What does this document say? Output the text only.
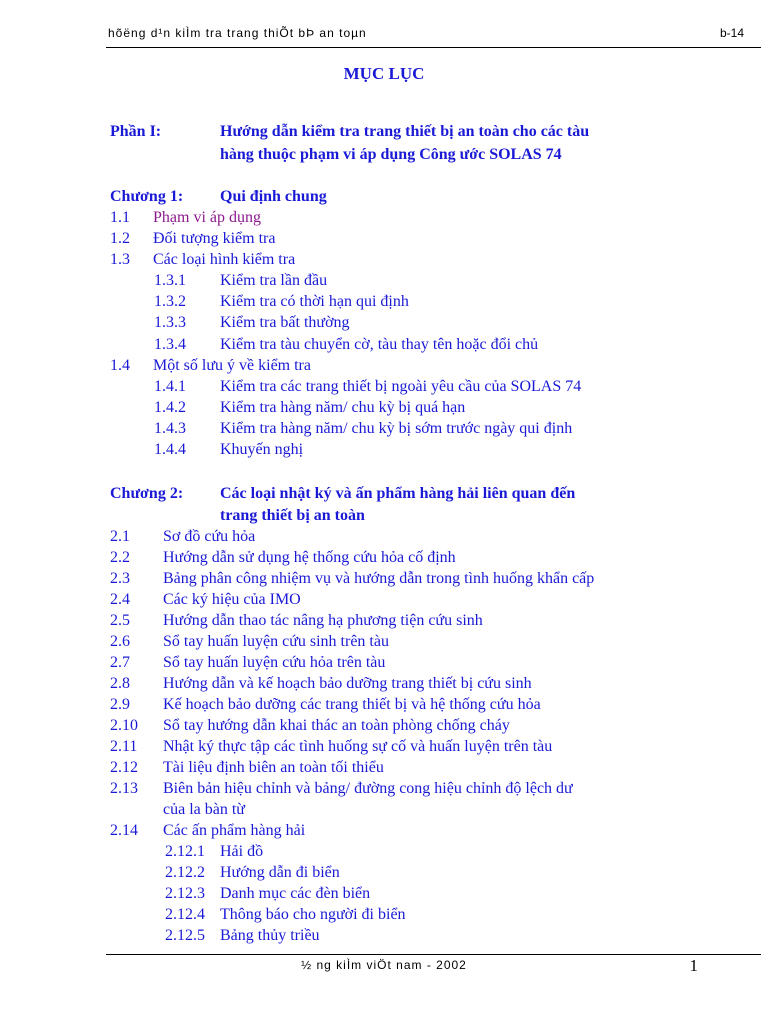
hõëng d¹n kiÌm tra trang thiÕt bÞ an toµn	b-14
MỤC LỤC
Phần I:	Hướng dẫn kiểm tra trang thiết bị an toàn cho các tàu
hàng thuộc phạm vi áp dụng Công ước SOLAS 74
Chương 1: Qui định chung
1.1 Phạm vi áp dụng
1.2 Đối tượng kiểm tra
1.3 Các loại hình kiểm tra
1.3.1 Kiểm tra lần đầu
1.3.2 Kiểm tra có thời hạn qui định
1.3.3 Kiểm tra bất thường
1.3.4 Kiểm tra tàu chuyển cờ, tàu thay tên hoặc đổi chủ
1.4 Một số lưu ý về kiểm tra
1.4.1 Kiểm tra các trang thiết bị ngoài yêu cầu của SOLAS 74
1.4.2 Kiểm tra hàng năm/ chu kỳ bị quá hạn
1.4.3 Kiểm tra hàng năm/ chu kỳ bị sớm trước ngày qui định
1.4.4 Khuyến nghị
Chương 2: Các loại nhật ký và ấn phẩm hàng hải liên quan đến
trang thiết bị an toàn
2.1 Sơ đồ cứu hỏa
2.2 Hướng dẫn sử dụng hệ thống cứu hỏa cố định
2.3 Bảng phân công nhiệm vụ và hướng dẫn trong tình huống khẩn cấp
2.4 Các ký hiệu của IMO
2.5 Hướng dẫn thao tác nâng hạ phương tiện cứu sinh
2.6 Sổ tay huấn luyện cứu sinh trên tàu
2.7 Sổ tay huấn luyện cứu hỏa trên tàu
2.8 Hướng dẫn và kế hoạch bảo dưỡng trang thiết bị cứu sinh
2.9 Kế hoạch bảo dưỡng các trang thiết bị và hệ thống cứu hỏa
2.10 Sổ tay hướng dẫn khai thác an toàn phòng chống cháy
2.11 Nhật ký thực tập các tình huống sự cố và huấn luyện trên tàu
2.12 Tài liệu định biên an toàn tối thiểu
2.13 Biên bản hiệu chỉnh và bảng/ đường cong hiệu chỉnh độ lệch dư
của la bàn từ
2.14 Các ấn phẩm hàng hải
2.12.1 Hải đồ
2.12.2 Hướng dẫn đi biển
2.12.3 Danh mục các đèn biển
2.12.4 Thông báo cho người đi biển
2.12.5 Bảng thủy triều
½ ng kiÌm viÖt nam - 2002	1
